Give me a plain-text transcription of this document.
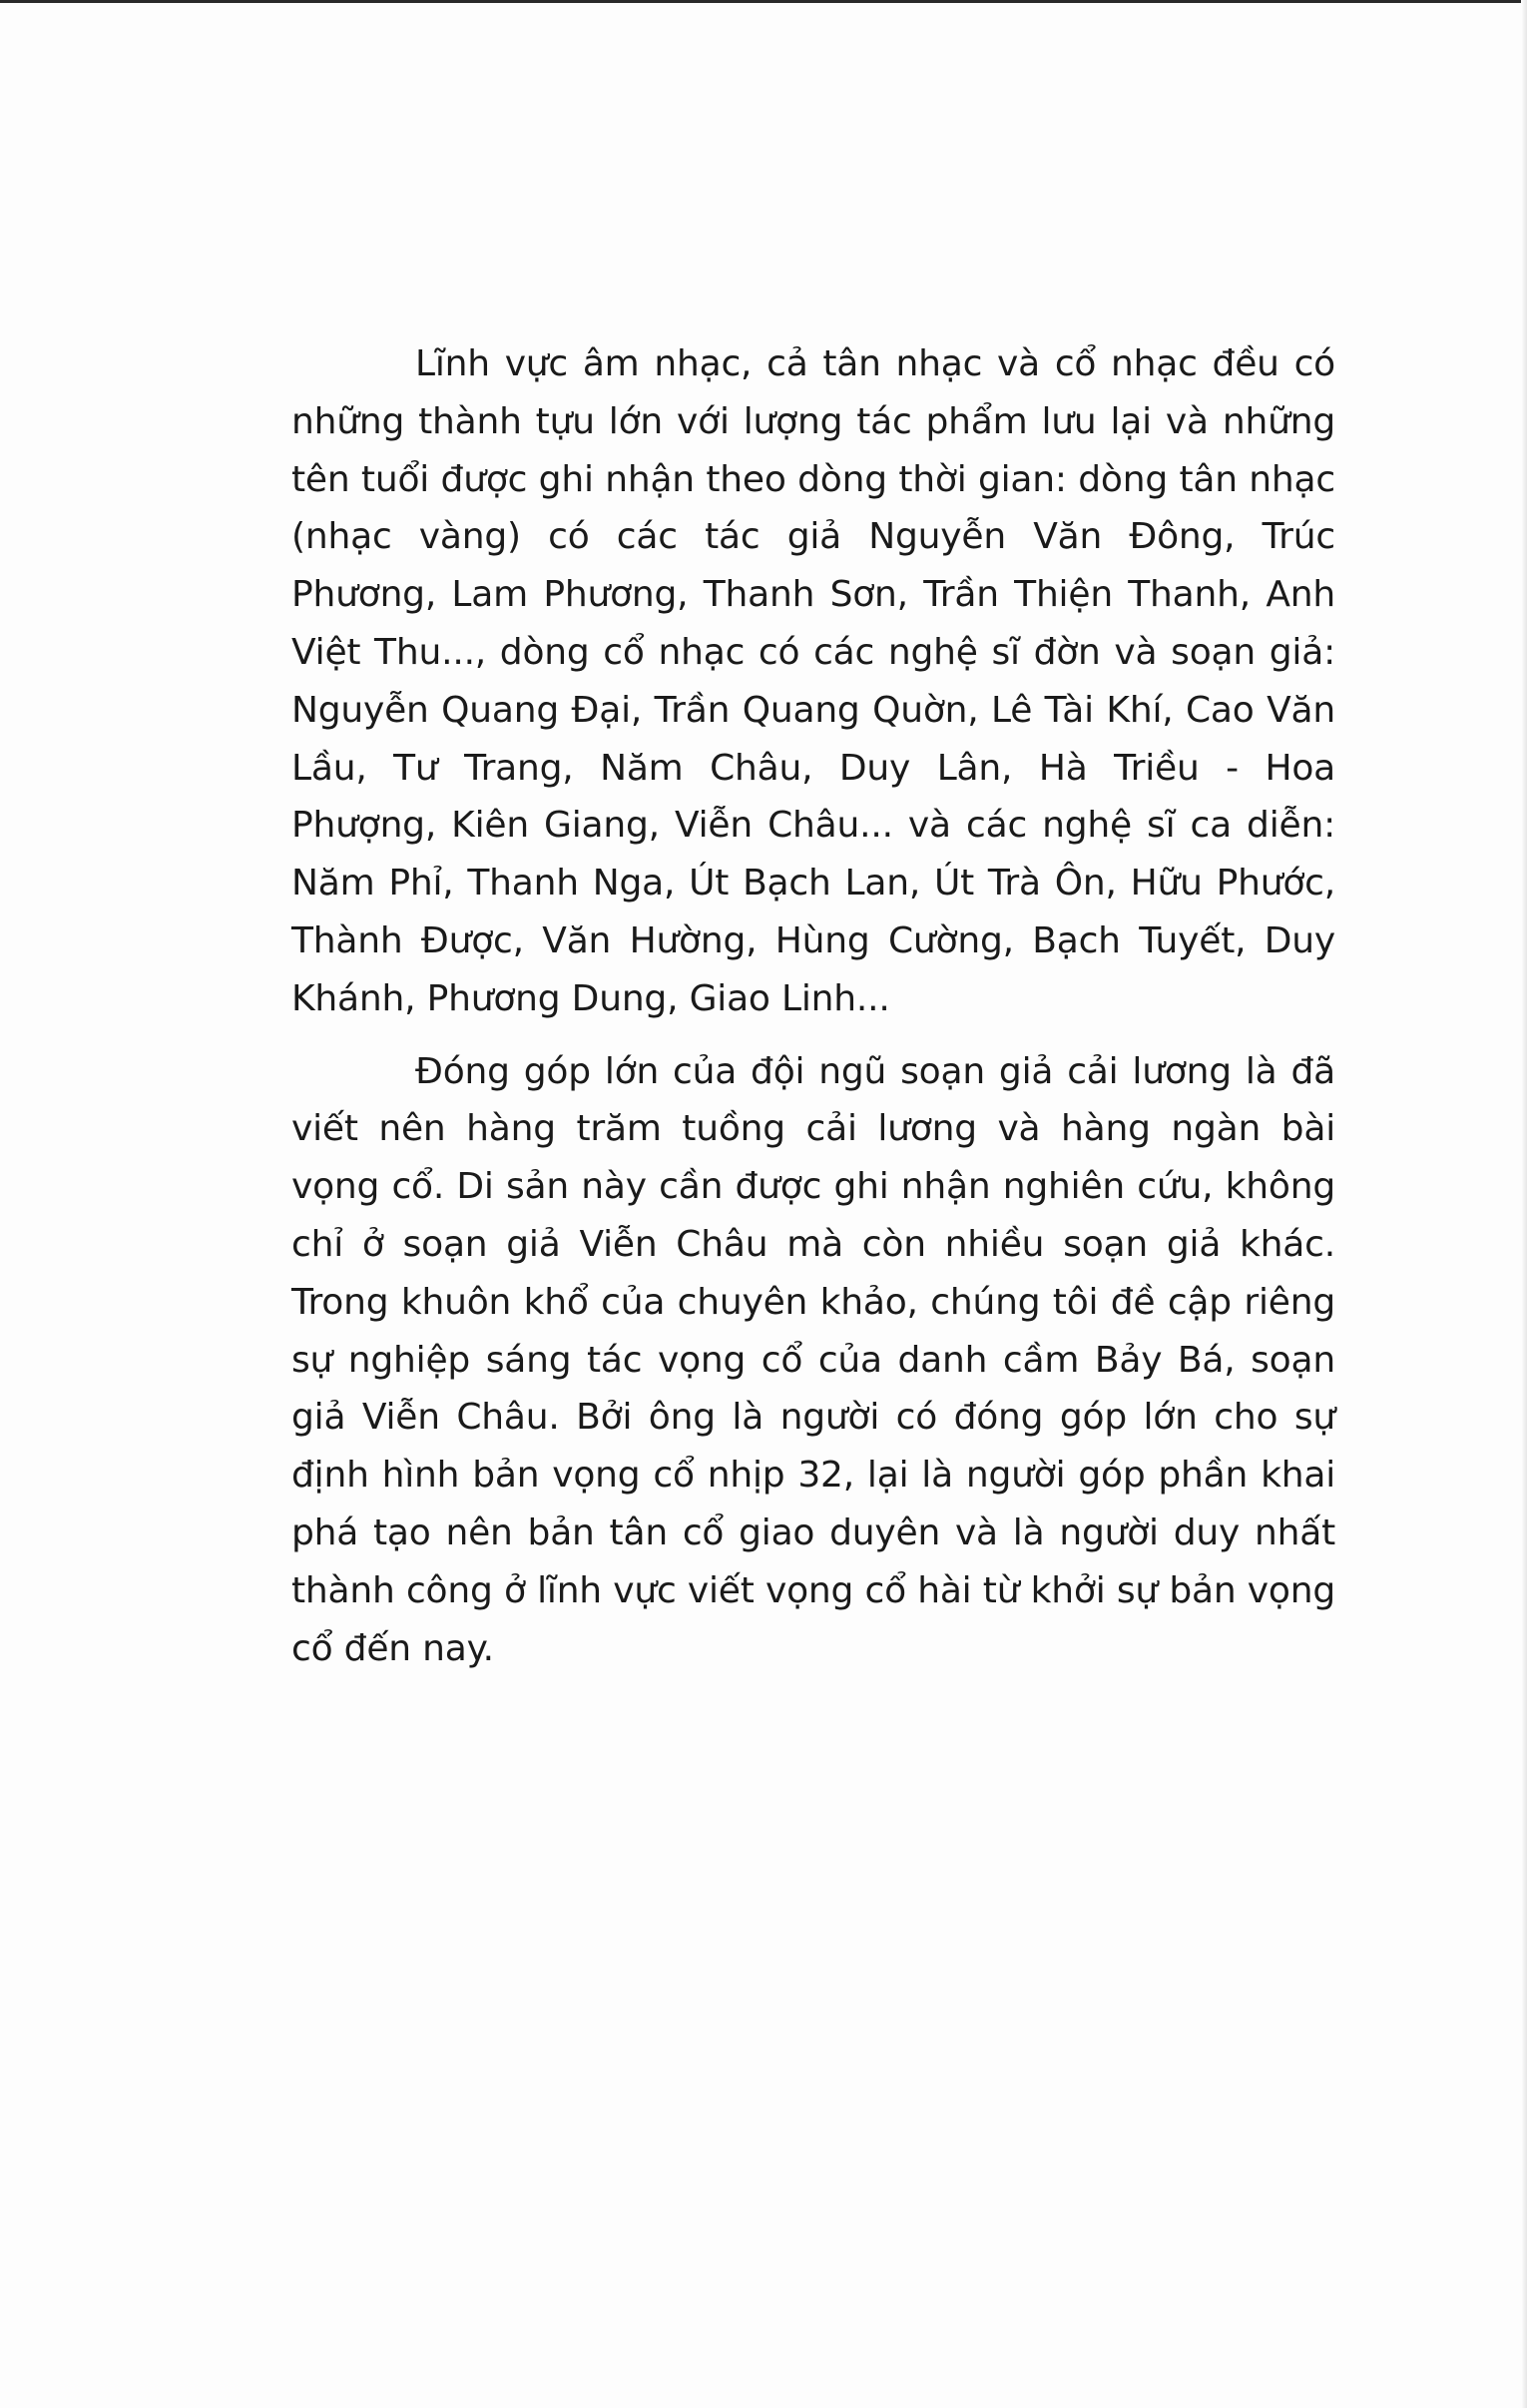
Lĩnh vực âm nhạc, cả tân nhạc và cổ nhạc đều có những thành tựu lớn với lượng tác phẩm lưu lại và những tên tuổi được ghi nhận theo dòng thời gian: dòng tân nhạc (nhạc vàng) có các tác giả Nguyễn Văn Đông, Trúc Phương, Lam Phương, Thanh Sơn, Trần Thiện Thanh, Anh Việt Thu..., dòng cổ nhạc có các nghệ sĩ đờn và soạn giả: Nguyễn Quang Đại, Trần Quang Quờn, Lê Tài Khí, Cao Văn Lầu, Tư Trang, Năm Châu, Duy Lân, Hà Triều - Hoa Phượng, Kiên Giang, Viễn Châu... và các nghệ sĩ ca diễn: Năm Phỉ, Thanh Nga, Út Bạch Lan, Út Trà Ôn, Hữu Phước, Thành Được, Văn Hường, Hùng Cường, Bạch Tuyết, Duy Khánh, Phương Dung, Giao Linh...

Đóng góp lớn của đội ngũ soạn giả cải lương là đã viết nên hàng trăm tuồng cải lương và hàng ngàn bài vọng cổ. Di sản này cần được ghi nhận nghiên cứu, không chỉ ở soạn giả Viễn Châu mà còn nhiều soạn giả khác. Trong khuôn khổ của chuyên khảo, chúng tôi đề cập riêng sự nghiệp sáng tác vọng cổ của danh cầm Bảy Bá, soạn giả Viễn Châu. Bởi ông là người có đóng góp lớn cho sự định hình bản vọng cổ nhịp 32, lại là người góp phần khai phá tạo nên bản tân cổ giao duyên và là người duy nhất thành công ở lĩnh vực viết vọng cổ hài từ khởi sự bản vọng cổ đến nay.
